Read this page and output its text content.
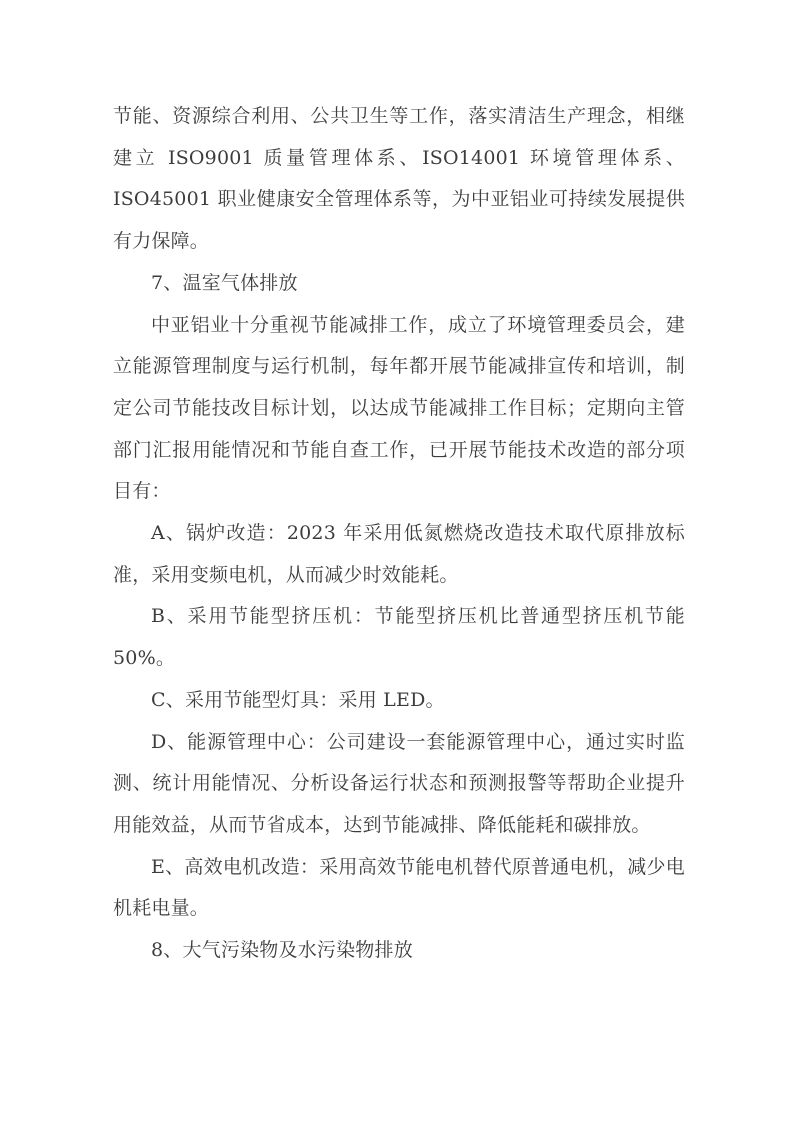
节能、资源综合利用、公共卫生等工作，落实清洁生产理念，相继建立 ISO9001 质量管理体系、ISO14001 环境管理体系、ISO45001 职业健康安全管理体系等，为中亚铝业可持续发展提供有力保障。

7、温室气体排放

中亚铝业十分重视节能减排工作，成立了环境管理委员会，建立能源管理制度与运行机制，每年都开展节能减排宣传和培训，制定公司节能技改目标计划，以达成节能减排工作目标；定期向主管部门汇报用能情况和节能自查工作，已开展节能技术改造的部分项目有：

A、锅炉改造：2023 年采用低氮燃烧改造技术取代原排放标准，采用变频电机，从而减少时效能耗。

B、采用节能型挤压机：节能型挤压机比普通型挤压机节能 50%。

C、采用节能型灯具：采用 LED。

D、能源管理中心：公司建设一套能源管理中心，通过实时监测、统计用能情况、分析设备运行状态和预测报警等帮助企业提升用能效益，从而节省成本，达到节能减排、降低能耗和碳排放。

E、高效电机改造：采用高效节能电机替代原普通电机，减少电机耗电量。

8、大气污染物及水污染物排放
